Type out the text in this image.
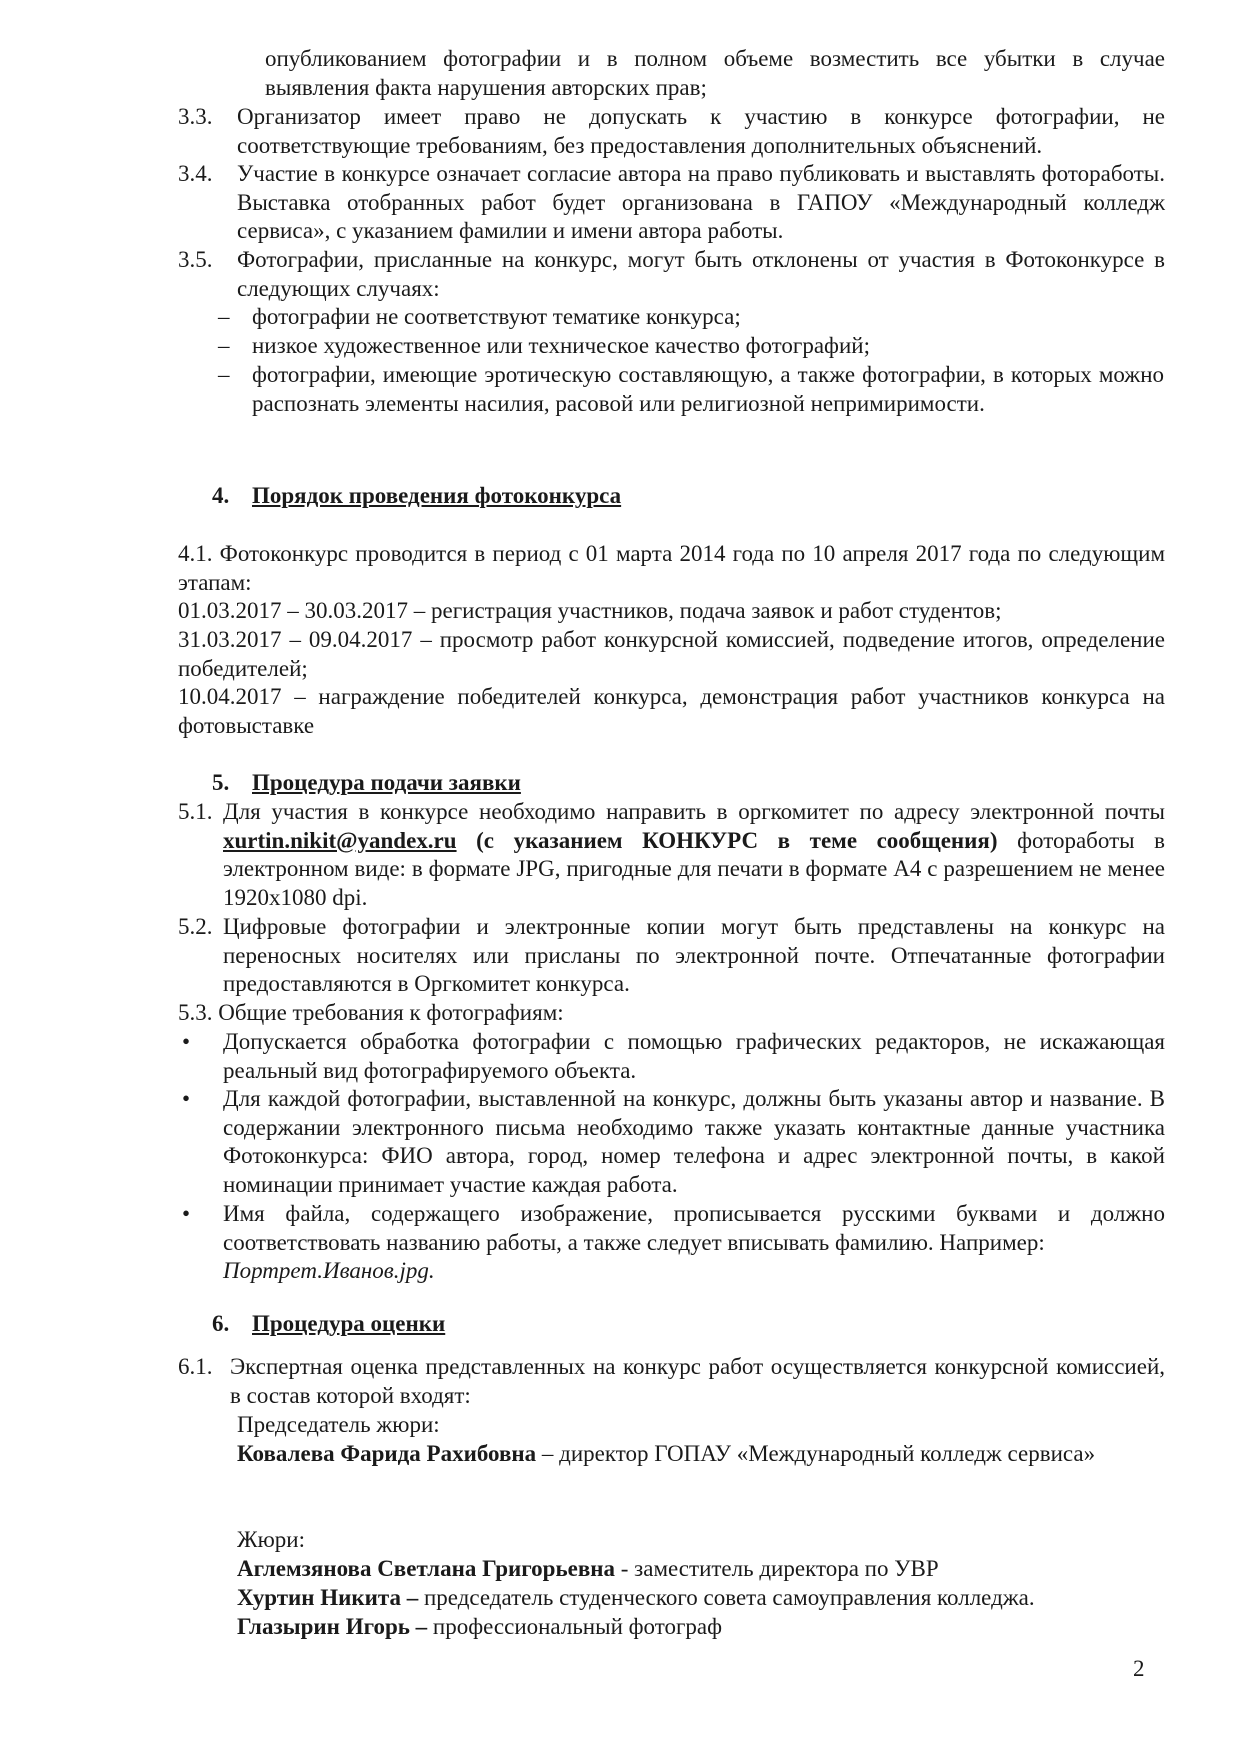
опубликованием фотографии и в полном объеме возместить все убытки в случае выявления факта нарушения авторских прав;
3.3. Организатор имеет право не допускать к участию в конкурсе фотографии, не соответствующие требованиям, без предоставления дополнительных объяснений.
3.4. Участие в конкурсе означает согласие автора на право публиковать и выставлять фотоработы. Выставка отобранных работ будет организована в ГАПОУ «Международный колледж сервиса», с указанием фамилии и имени автора работы.
3.5. Фотографии, присланные на конкурс, могут быть отклонены от участия в Фотоконкурсе в следующих случаях:
– фотографии не соответствуют тематике конкурса;
– низкое художественное или техническое качество фотографий;
– фотографии, имеющие эротическую составляющую, а также фотографии, в которых можно распознать элементы насилия, расовой или религиозной непримиримости.
4. Порядок проведения фотоконкурса
4.1. Фотоконкурс проводится в период с 01 марта 2014 года по 10 апреля 2017 года по следующим этапам:
01.03.2017 – 30.03.2017 – регистрация участников, подача заявок и работ студентов;
31.03.2017 – 09.04.2017 – просмотр работ конкурсной комиссией, подведение итогов, определение победителей;
10.04.2017 – награждение победителей конкурса, демонстрация работ участников конкурса на фотовыставке
5. Процедура подачи заявки
5.1. Для участия в конкурсе необходимо направить в оргкомитет по адресу электронной почты xurtin.nikit@yandex.ru (с указанием КОНКУРС в теме сообщения) фотоработы в электронном виде: в формате JPG, пригодные для печати в формате А4 с разрешением не менее 1920х1080 dpi.
5.2. Цифровые фотографии и электронные копии могут быть представлены на конкурс на переносных носителях или присланы по электронной почте. Отпечатанные фотографии предоставляются в Оргкомитет конкурса.
5.3. Общие требования к фотографиям:
• Допускается обработка фотографии с помощью графических редакторов, не искажающая реальный вид фотографируемого объекта.
• Для каждой фотографии, выставленной на конкурс, должны быть указаны автор и название. В содержании электронного письма необходимо также указать контактные данные участника Фотоконкурса: ФИО автора, город, номер телефона и адрес электронной почты, в какой номинации принимает участие каждая работа.
• Имя файла, содержащего изображение, прописывается русскими буквами и должно соответствовать названию работы, а также следует вписывать фамилию. Например:
Портрет.Иванов.jpg.
6. Процедура оценки
6.1. Экспертная оценка представленных на конкурс работ осуществляется конкурсной комиссией, в состав которой входят:
Председатель жюри:
Ковалева Фарида Рахибовна – директор ГОПАУ «Международный колледж сервиса»
Жюри:
Аглемзянова Светлана Григорьевна - заместитель директора по УВР
Хуртин Никита – председатель студенческого совета самоуправления колледжа.
Глазырин Игорь – профессиональный фотограф
2
